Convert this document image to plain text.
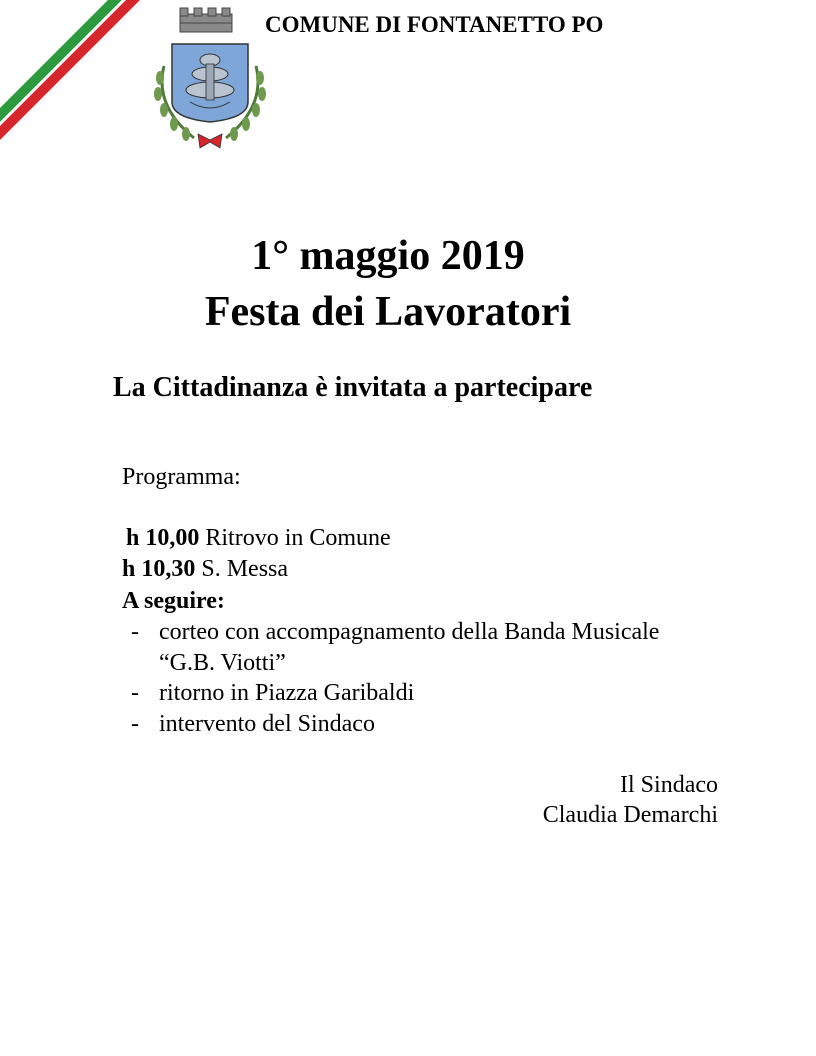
COMUNE DI FONTANETTO PO
1° maggio 2019
Festa dei Lavoratori
La Cittadinanza è invitata a partecipare
Programma:
h 10,00 Ritrovo in Comune
h 10,30 S. Messa
A seguire:
- corteo con accompagnamento della Banda Musicale
“G.B. Viotti”
- ritorno in Piazza Garibaldi
- intervento del Sindaco
Il Sindaco
Claudia Demarchi
